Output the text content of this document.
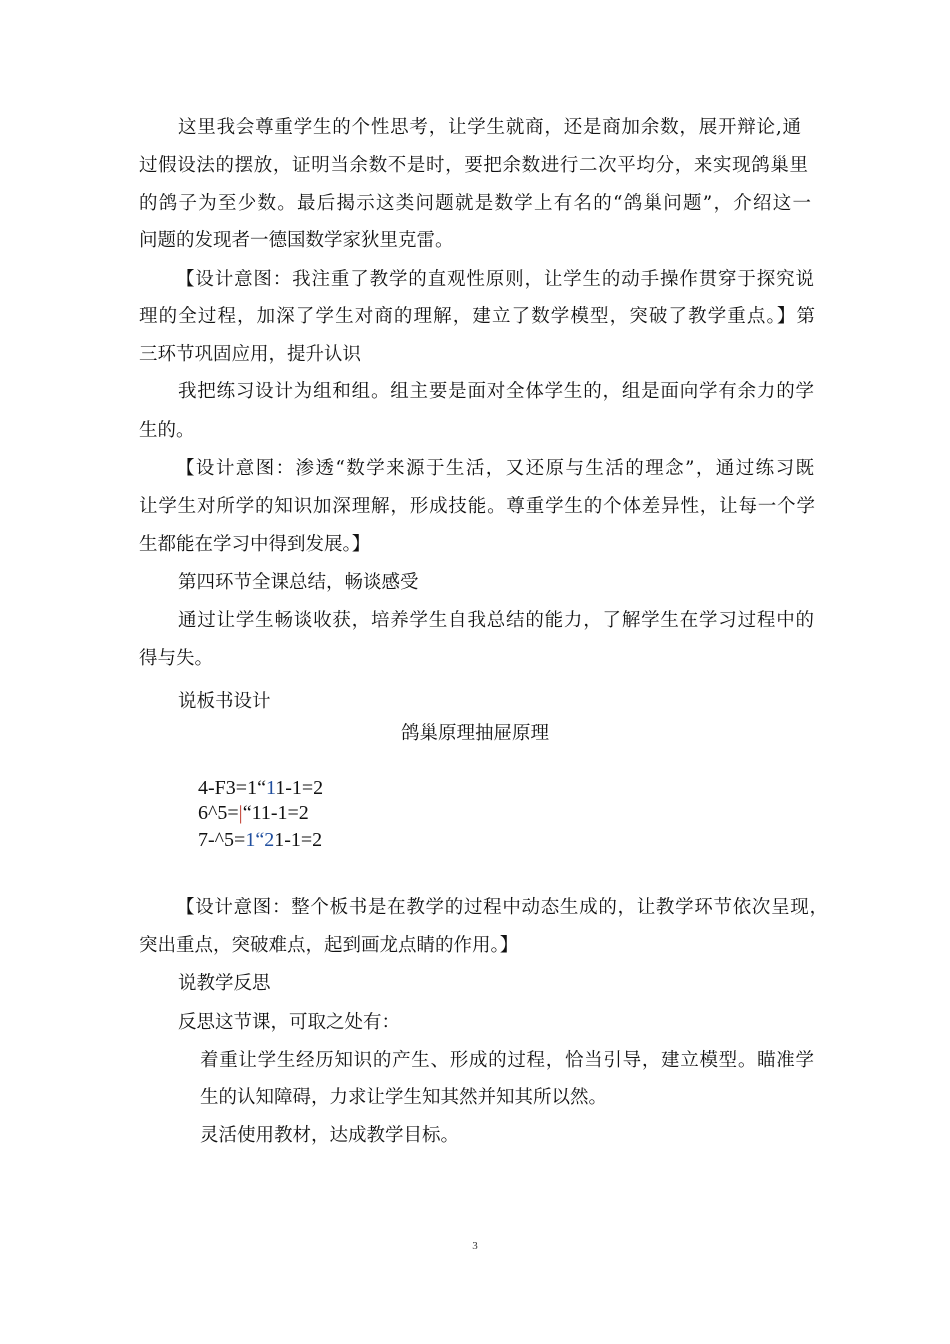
这里我会尊重学生的个性思考，让学生就商，还是商加余数，展开辩论,通
过假设法的摆放，证明当余数不是时，要把余数进行二次平均分，来实现鸽巢里
的鸽子为至少数。最后揭示这类问题就是数学上有名的“鸽巢问题”，介绍这一
问题的发现者一德国数学家狄里克雷。
【设计意图：我注重了教学的直观性原则，让学生的动手操作贯穿于探究说
理的全过程，加深了学生对商的理解，建立了数学模型，突破了教学重点。】第
三环节巩固应用，提升认识
我把练习设计为组和组。组主要是面对全体学生的，组是面向学有余力的学
生的。
【设计意图：渗透“数学来源于生活，又还原与生活的理念”，通过练习既
让学生对所学的知识加深理解，形成技能。尊重学生的个体差异性，让每一个学
生都能在学习中得到发展。】
第四环节全课总结，畅谈感受
通过让学生畅谈收获，培养学生自我总结的能力，了解学生在学习过程中的
得与失。
说板书设计
鸽巢原理抽屉原理
4-F3=1“11-1=2
6^5=|“11-1=2
7-^5=1“21-1=2
【设计意图：整个板书是在教学的过程中动态生成的，让教学环节依次呈现，
突出重点，突破难点，起到画龙点睛的作用。】
说教学反思
反思这节课，可取之处有：
着重让学生经历知识的产生、形成的过程，恰当引导，建立模型。瞄准学
生的认知障碍，力求让学生知其然并知其所以然。
灵活使用教材，达成教学目标。
3
